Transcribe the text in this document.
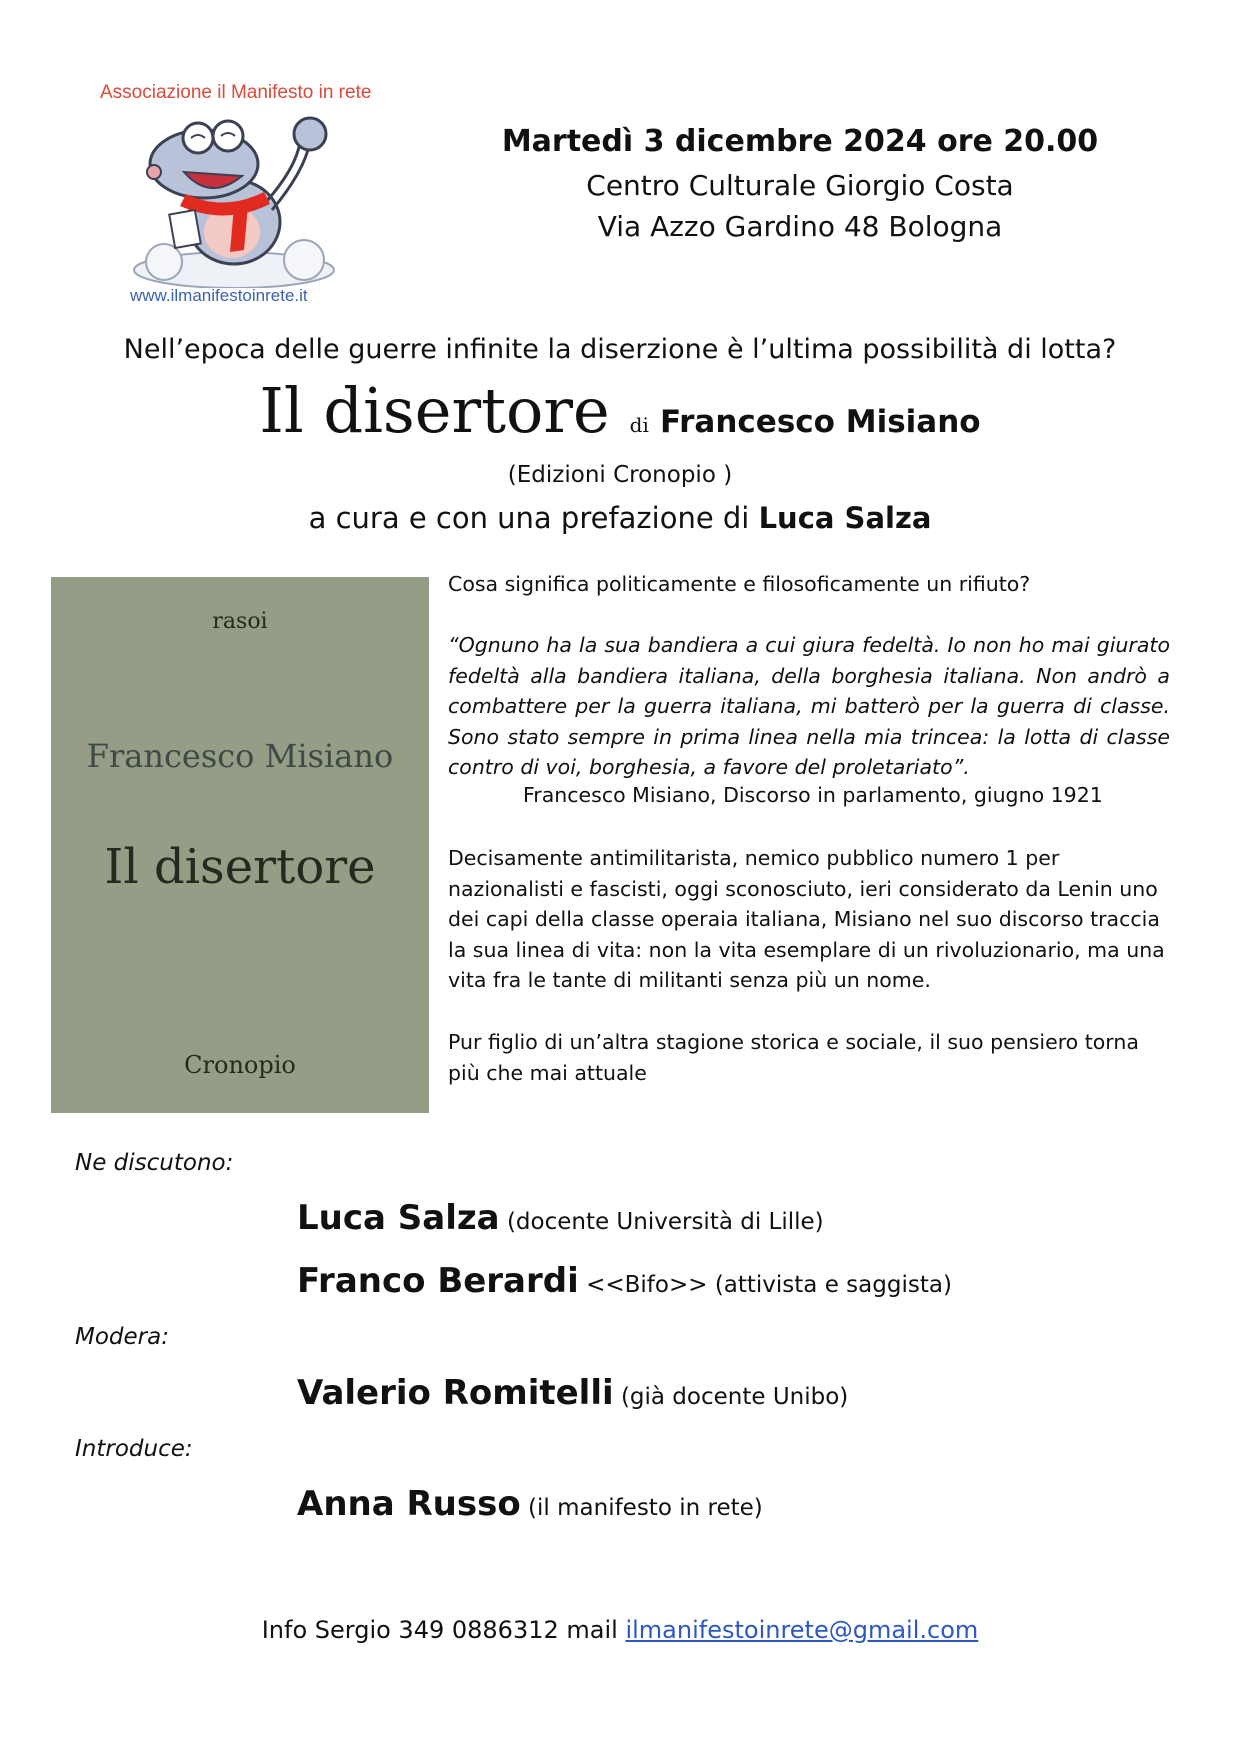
Associazione il Manifesto in rete
www.ilmanifestoinrete.it
Martedì 3 dicembre 2024 ore 20.00
Centro Culturale Giorgio Costa
Via Azzo Gardino 48 Bologna
Nell’epoca delle guerre infinite la diserzione è l’ultima possibilità di lotta?
Il disertore di Francesco Misiano
(Edizioni Cronopio )
a cura e con una prefazione di Luca Salza
rasoi
Francesco Misiano
Il disertore
Cronopio
Cosa significa politicamente e filosoficamente un rifiuto?
“Ognuno ha la sua bandiera a cui giura fedeltà. Io non ho mai giurato fedeltà alla bandiera italiana, della borghesia italiana. Non andrò a combattere per la guerra italiana, mi batterò per la guerra di classe. Sono stato sempre in prima linea nella mia trincea: la lotta di classe contro di voi, borghesia, a favore del proletariato”.
Francesco Misiano, Discorso in parlamento, giugno 1921
Decisamente antimilitarista, nemico pubblico numero 1 per nazionalisti e fascisti, oggi sconosciuto, ieri considerato da Lenin uno dei capi della classe operaia italiana, Misiano nel suo discorso traccia la sua linea di vita: non la vita esemplare di un rivoluzionario, ma una vita fra le tante di militanti senza più un nome.
Pur figlio di un’altra stagione storica e sociale, il suo pensiero torna più che mai attuale
Ne discutono:
Luca Salza (docente Università di Lille)
Franco Berardi <<Bifo>> (attivista e saggista)
Modera:
Valerio Romitelli (già docente Unibo)
Introduce:
Anna Russo (il manifesto in rete)
Info Sergio 349 0886312 mail ilmanifestoinrete@gmail.com
